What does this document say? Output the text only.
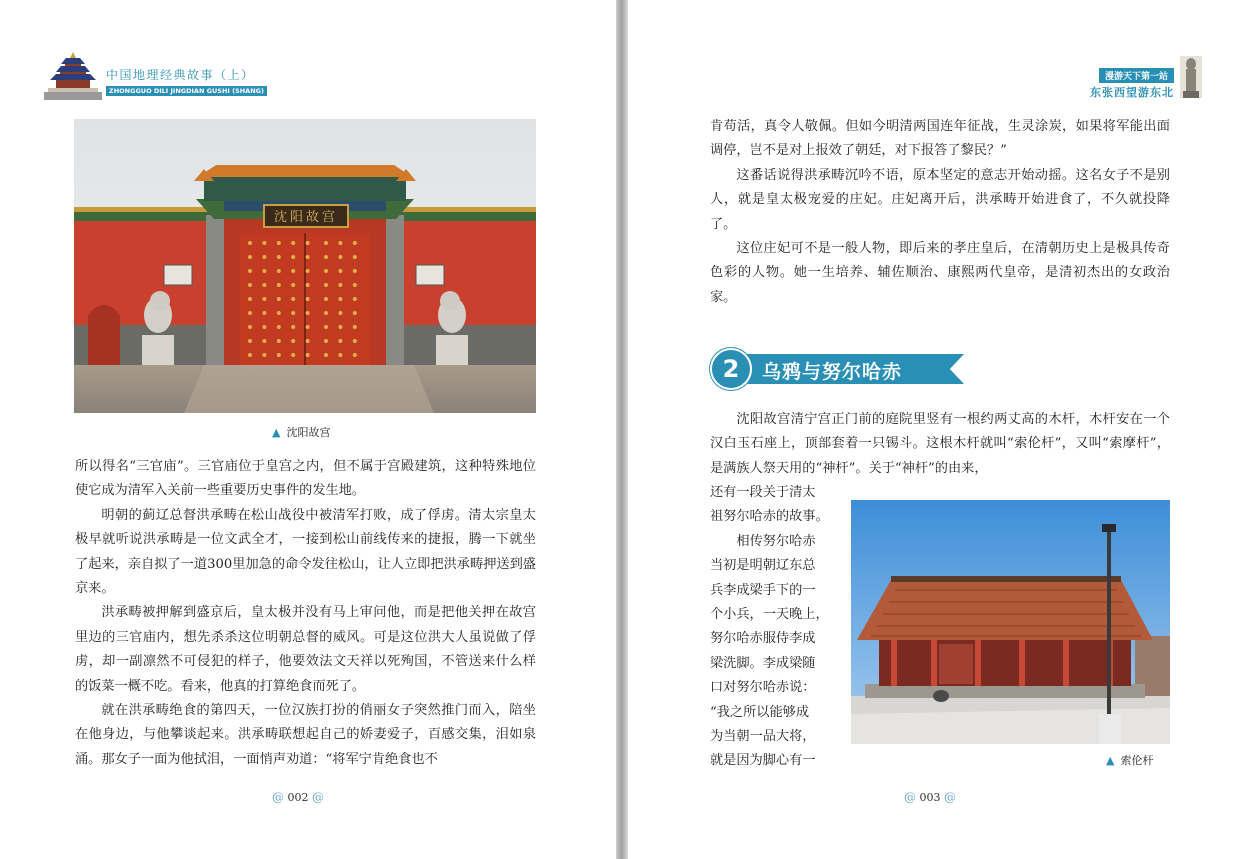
中国地理经典故事（上）
ZHONGGUO DILI JINGDIAN GUSHI (SHANG)
沈阳故宫
▲ 沈阳故宫

所以得名“三官庙”。三官庙位于皇宫之内，但不属于宫殿建筑，这种特殊地位使它成为清军入关前一些重要历史事件的发生地。

明朝的蓟辽总督洪承畴在松山战役中被清军打败，成了俘虏。清太宗皇太极早就听说洪承畴是一位文武全才，一接到松山前线传来的捷报，腾一下就坐了起来，亲自拟了一道300里加急的命令发往松山，让人立即把洪承畴押送到盛京来。

洪承畴被押解到盛京后，皇太极并没有马上审问他，而是把他关押在故宫里边的三官庙内，想先杀杀这位明朝总督的威风。可是这位洪大人虽说做了俘虏，却一副凛然不可侵犯的样子，他要效法文天祥以死殉国，不管送来什么样的饭菜一概不吃。看来，他真的打算绝食而死了。

就在洪承畴绝食的第四天，一位汉族打扮的俏丽女子突然推门而入，陪坐在他身边，与他攀谈起来。洪承畴联想起自己的娇妻爱子，百感交集，泪如泉涌。那女子一面为他拭泪，一面悄声劝道：“将军宁肯绝食也不

@ 002 @
漫游天下第一站
东张西望游东北

肯苟活，真令人敬佩。但如今明清两国连年征战，生灵涂炭，如果将军能出面调停，岂不是对上报效了朝廷，对下报答了黎民？”

这番话说得洪承畴沉吟不语，原本坚定的意志开始动摇。这名女子不是别人，就是皇太极宠爱的庄妃。庄妃离开后，洪承畴开始进食了，不久就投降了。

这位庄妃可不是一般人物，即后来的孝庄皇后，在清朝历史上是极具传奇色彩的人物。她一生培养、辅佐顺治、康熙两代皇帝，是清初杰出的女政治家。

2	乌鸦与努尔哈赤
沈阳故宫清宁宫正门前的庭院里竖有一根约两丈高的木杆，木杆安在一个汉白玉石座上，顶部套着一只锡斗。这根木杆就叫“索伦杆”，又叫“索摩杆”，是满族人祭天用的“神杆”。关于“神杆”的由来，
还有一段关于清太
祖努尔哈赤的故事。
相传努尔哈赤
当初是明朝辽东总
兵李成梁手下的一
个小兵，一天晚上，
努尔哈赤服侍李成
梁洗脚。李成梁随
口对努尔哈赤说：
“我之所以能够成
为当朝一品大将，
就是因为脚心有一	▲ 索伦杆
@ 003 @
